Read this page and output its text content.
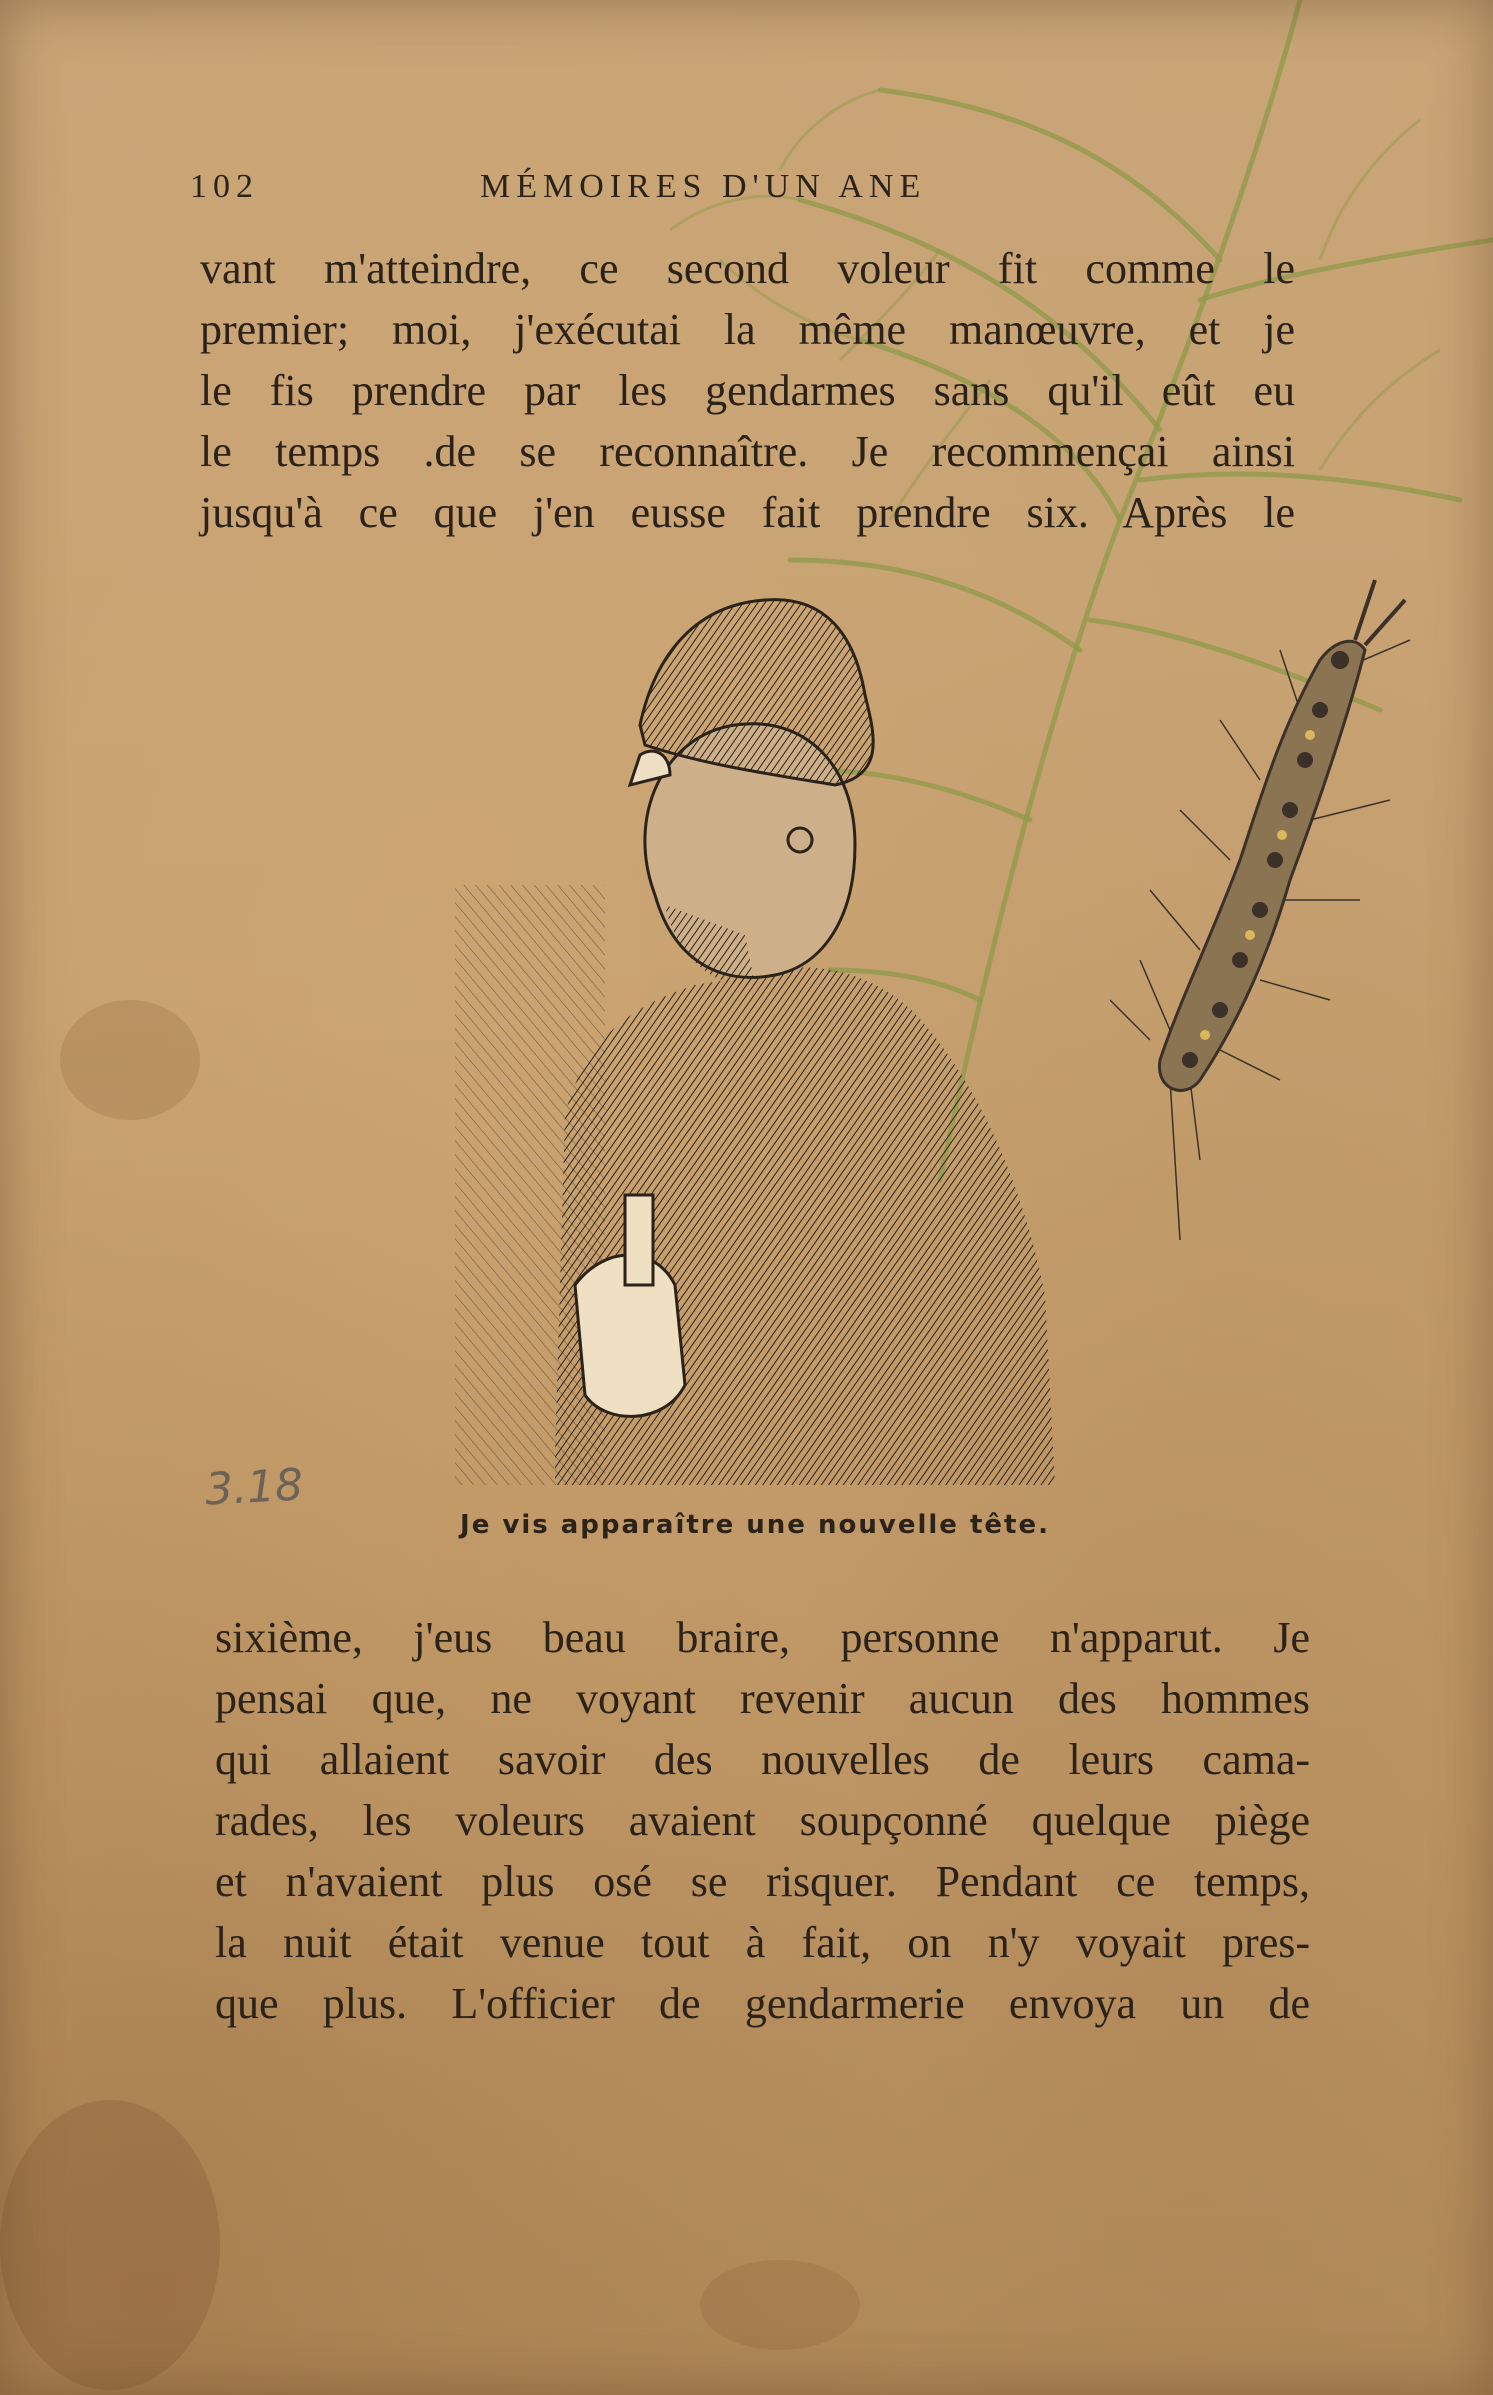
102	MÉMOIRES D'UN ANE
vant m'atteindre, ce second voleur fit comme le
premier; moi, j'exécutai la même manœuvre, et je
le fis prendre par les gendarmes sans qu'il eût eu
le temps .de se reconnaître. Je recommençai ainsi
jusqu'à ce que j'en eusse fait prendre six. Après le
3.18
Je vis apparaître une nouvelle tête.
sixième, j'eus beau braire, personne n'apparut. Je
pensai que, ne voyant revenir aucun des hommes
qui allaient savoir des nouvelles de leurs cama-
rades, les voleurs avaient soupçonné quelque piège
et n'avaient plus osé se risquer. Pendant ce temps,
la nuit était venue tout à fait, on n'y voyait pres-
que plus. L'officier de gendarmerie envoya un de
